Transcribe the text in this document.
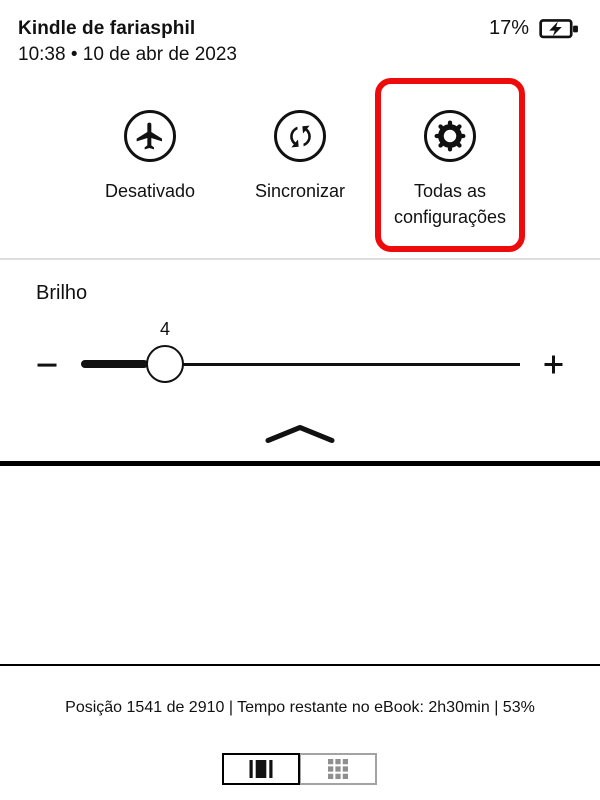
Kindle de fariasphil
10:38 • 10 de abr de 2023
17%
Desativado	Sincronizar	Todas as configurações
Brilho
4
Posição 1541 de 2910 | Tempo restante no eBook: 2h30min | 53%
